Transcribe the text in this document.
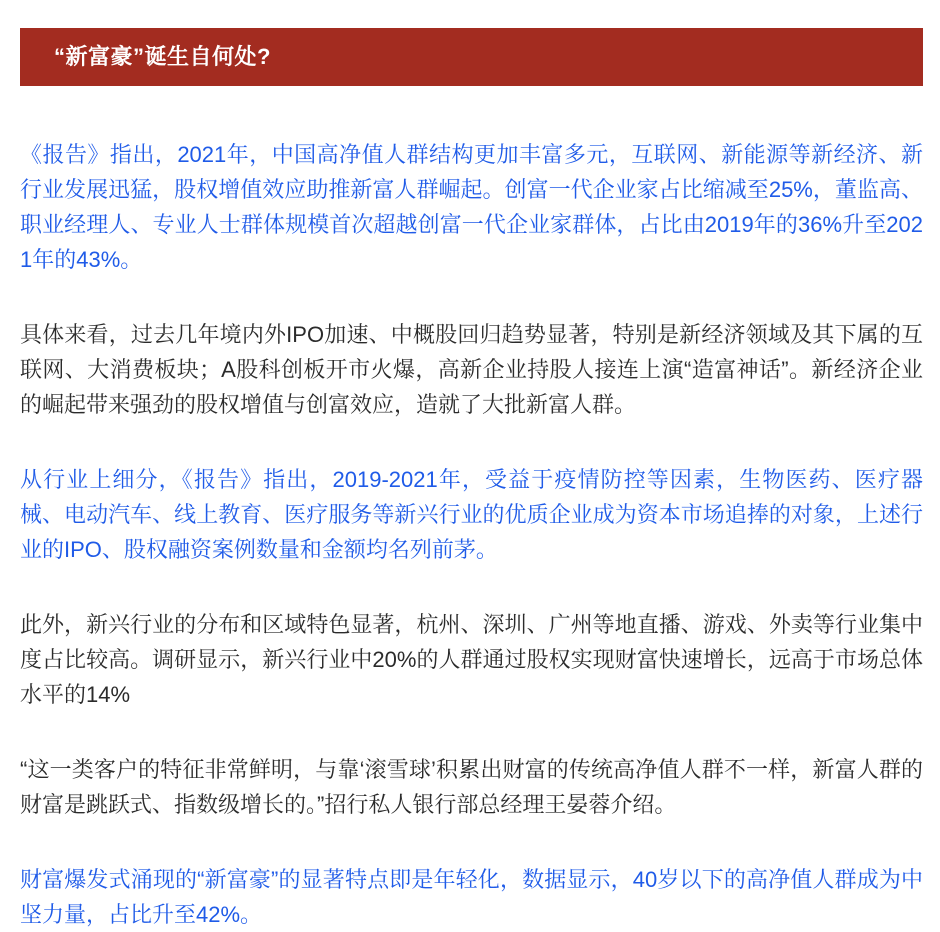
“新富豪”诞生自何处?

《报告》指出，2021年，中国高净值人群结构更加丰富多元，互联网、新能源等新经济、新行业发展迅猛，股权增值效应助推新富人群崛起。创富一代企业家占比缩减至25%，董监高、职业经理人、专业人士群体规模首次超越创富一代企业家群体，占比由2019年的36%升至2021年的43%。

具体来看，过去几年境内外IPO加速、中概股回归趋势显著，特别是新经济领域及其下属的互联网、大消费板块；A股科创板开市火爆，高新企业持股人接连上演“造富神话”。新经济企业的崛起带来强劲的股权增值与创富效应，造就了大批新富人群。

从行业上细分，《报告》指出，2019-2021年，受益于疫情防控等因素，生物医药、医疗器械、电动汽车、线上教育、医疗服务等新兴行业的优质企业成为资本市场追捧的对象，上述行业的IPO、股权融资案例数量和金额均名列前茅。

此外，新兴行业的分布和区域特色显著，杭州、深圳、广州等地直播、游戏、外卖等行业集中度占比较高。调研显示，新兴行业中20%的人群通过股权实现财富快速增长，远高于市场总体水平的14%

“这一类客户的特征非常鲜明，与靠‘滚雪球’积累出财富的传统高净值人群不一样，新富人群的财富是跳跃式、指数级增长的。”招行私人银行部总经理王晏蓉介绍。

财富爆发式涌现的“新富豪”的显著特点即是年轻化，数据显示，40岁以下的高净值人群成为中坚力量，占比升至42%。
